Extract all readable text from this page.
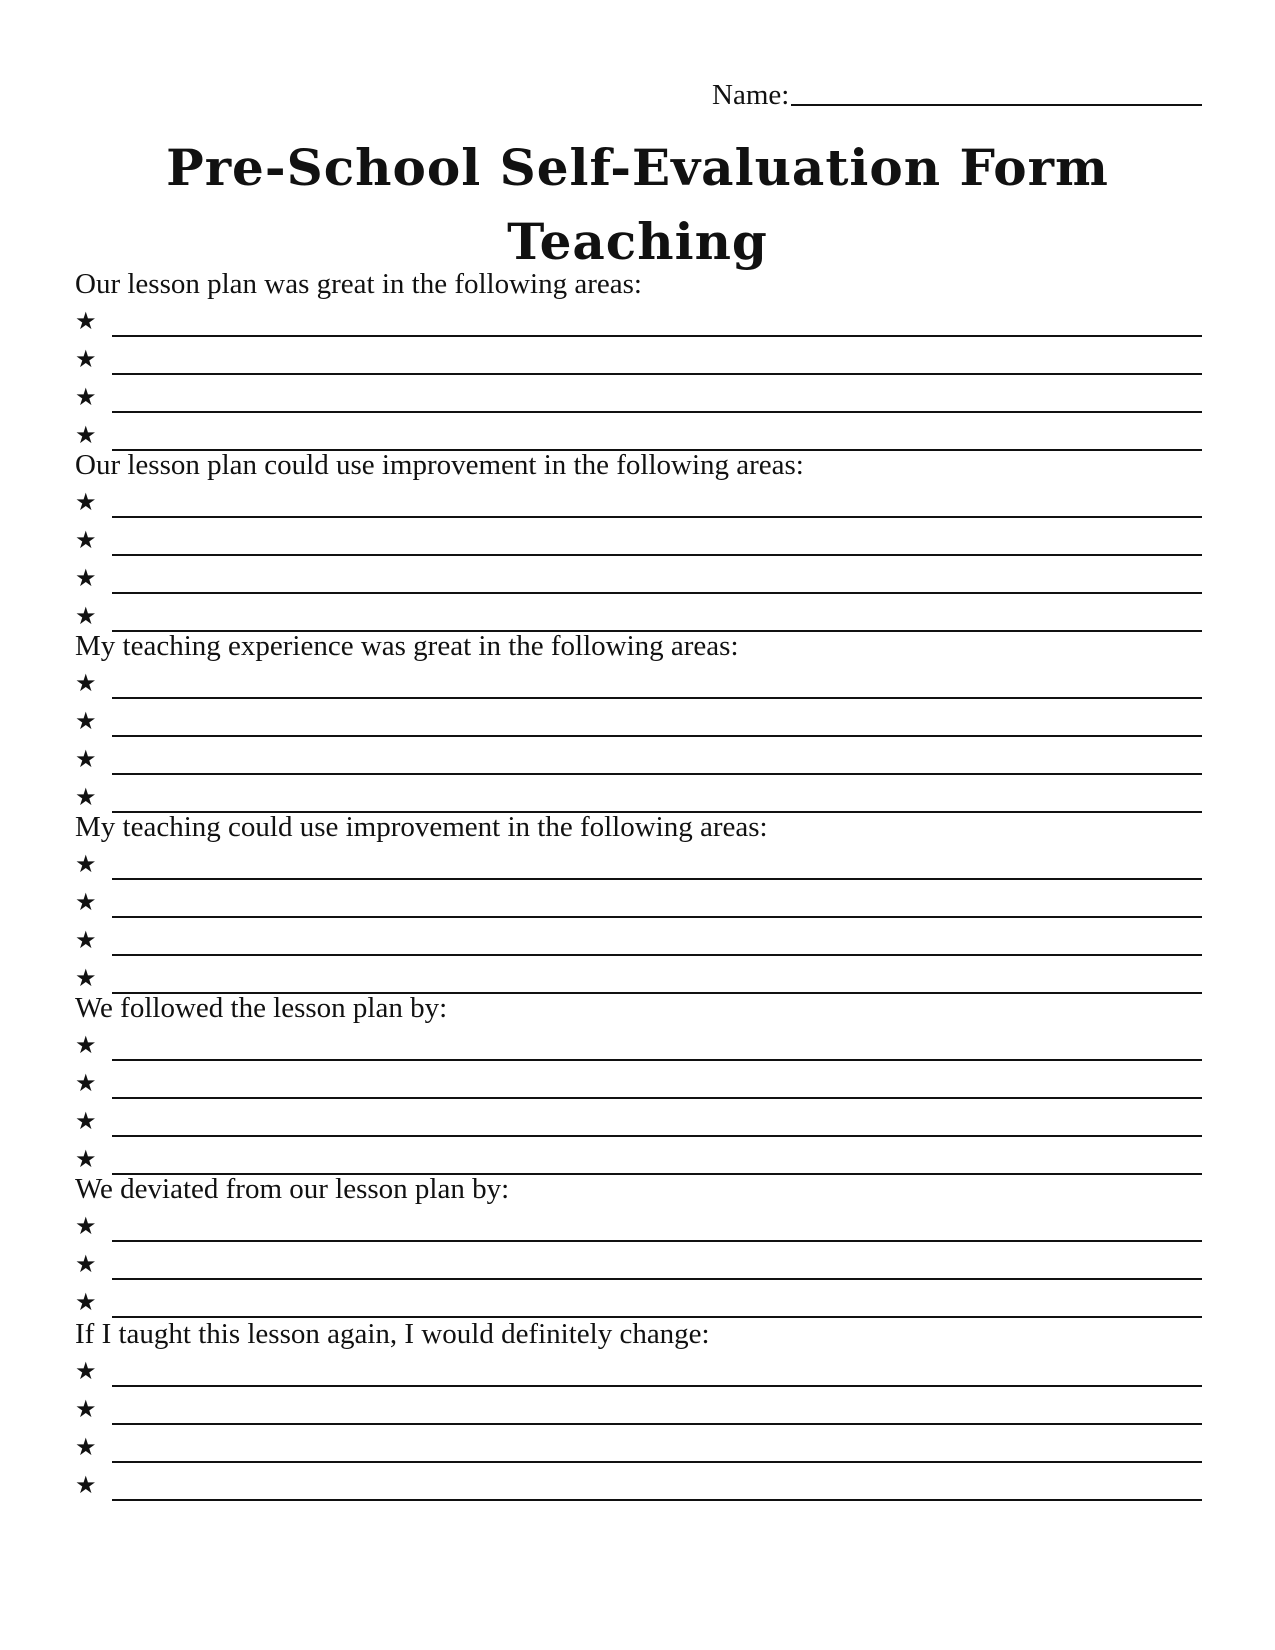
Name:
Pre-School Self-Evaluation Form
Teaching
Our lesson plan was great in the following areas:
★
★
★
★
Our lesson plan could use improvement in the following areas:
★
★
★
★
My teaching experience was great in the following areas:
★
★
★
★
My teaching could use improvement in the following areas:
★
★
★
★
We followed the lesson plan by:
★
★
★
★
We deviated from our lesson plan by:
★
★
★
If I taught this lesson again, I would definitely change:
★
★
★
★
